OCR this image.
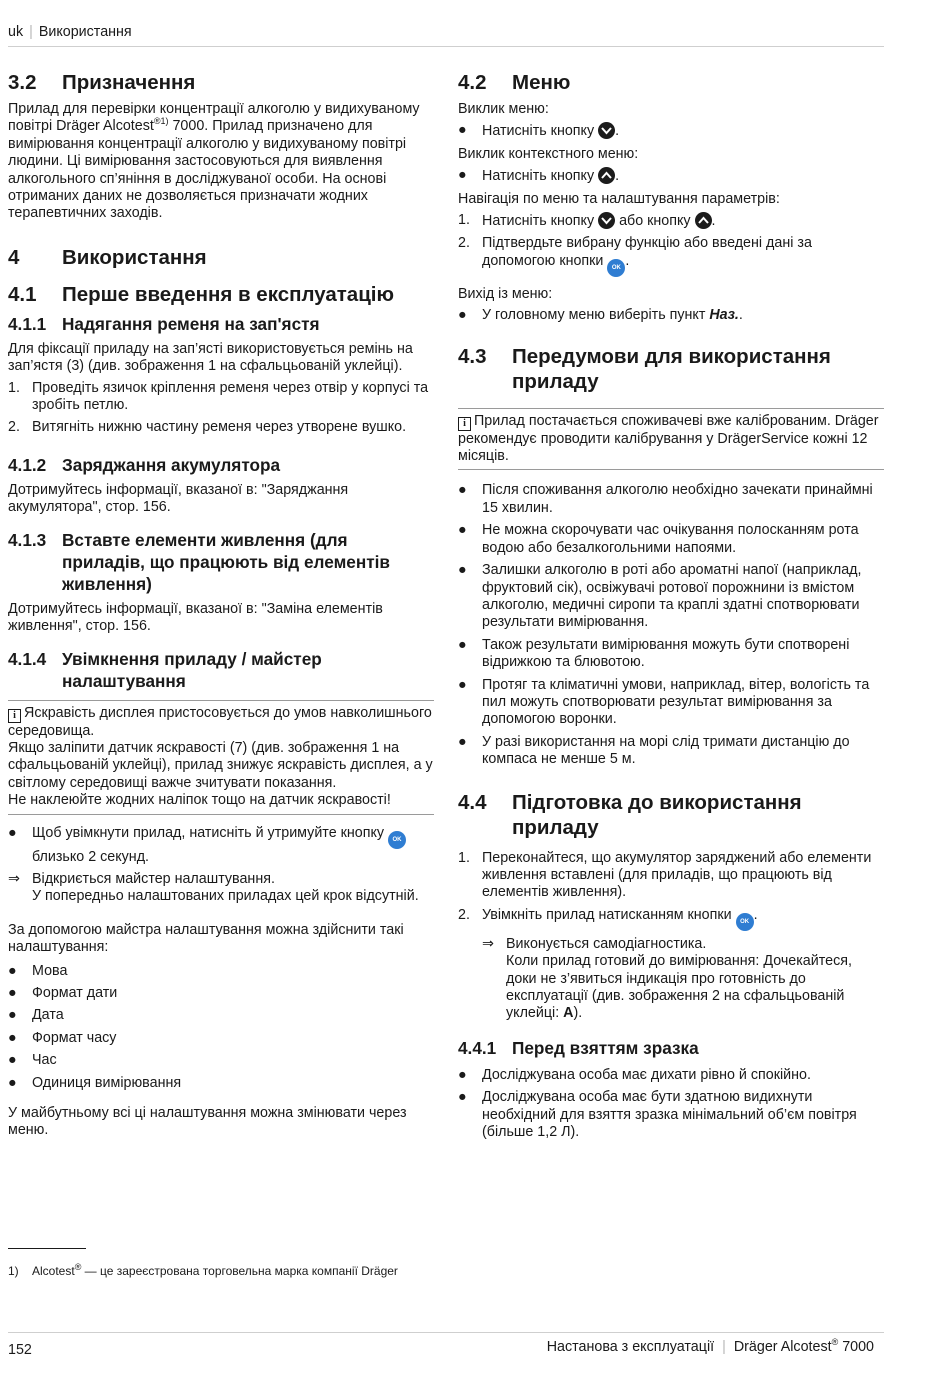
uk | Використання
3.2	Призначення

Прилад для перевірки концентрації алкоголю у видихуваному повітрі Dräger Alcotest$^{®1)}$ 7000. Прилад призначено для вимірювання концентрації алкоголю у видихуваному повітрі людини. Ці вимірювання застосовуються для виявлення алкогольного сп’яніння в досліджуваної особи. На основі отриманих даних не дозволяється призначати жодних терапевтичних заходів.

4	Використання
4.1	Перше введення в експлуатацію
4.1.1 Надягання ременя на зап'ястя

Для фіксації приладу на зап’ясті використовується ремінь на зап’ястя (3) (див. зображення 1 на сфальцьованій уклейці).

1. Проведіть язичок кріплення ременя через отвір у корпусі та зробіть петлю.
2. Витягніть нижню частину ременя через утворене вушко.
4.1.2 Заряджання акумулятора

Дотримуйтесь інформації, вказаної в: "Заряджання акумулятора", стор. 156.

4.1.3 Вставте елементи живлення (для приладів, що працюють від елементів живлення)

Дотримуйтесь інформації, вказаної в: "Заміна елементів живлення", стор. 156.

4.1.4 Увімкнення приладу / майстер налаштування

i Яскравість дисплея пристосовується до умов навколишнього середовища.

Якщо заліпити датчик яскравості (7) (див. зображення 1 на сфальцьованій уклейці), прилад знижує яскравість дисплея, а у світлому середовищі важче зчитувати показання.

Не наклеюйте жодних наліпок тощо на датчик яскравості!

● Щоб увімкнути прилад, натисніть й утримуйте кнопку OK близько 2 секунд.
⇒ Відкриється майстер налаштування.

У попередньо налаштованих приладах цей крок відсутній.

За допомогою майстра налаштування можна здійснити такі налаштування:

● Мова
● Формат дати
● Дата
● Формат часу
● Час
● Одиниця вимірювання

У майбутньому всі ці налаштування можна змінювати через меню.

4.2	Меню

Виклик меню:

● Натисніть кнопку .

Виклик контекстного меню:

● Натисніть кнопку .

Навігація по меню та налаштування параметрів:

1. Натисніть кнопку або кнопку .
2. Підтвердьте вибрану функцію або введені дані за допомогою кнопки OK .

Вихід із меню:

● У головному меню виберіть пункт Наз..
4.3	Передумови для використання приладу

i Прилад постачається споживачеві вже каліброваним. Dräger рекомендує проводити калібрування у DrägerService кожні 12 місяців.

● Після споживання алкоголю необхідно зачекати принаймні 15 хвилин.
● Не можна скорочувати час очікування полосканням рота водою або безалкогольними напоями.
● Залишки алкоголю в роті або ароматні напої (наприклад, фруктовий сік), освіжувачі ротової порожнини із вмістом алкоголю, медичні сиропи та краплі здатні спотворювати результати вимірювання.
● Також результати вимірювання можуть бути спотворені відрижкою та блювотою.
● Протяг та кліматичні умови, наприклад, вітер, вологість та пил можуть спотворювати результат вимірювання за допомогою воронки.
● У разі використання на морі слід тримати дистанцію до компаса не менше 5 м.
4.4	Підготовка до використання приладу
1. Переконайтеся, що акумулятор заряджений або елементи живлення вставлені (для приладів, що працюють від елементів живлення).
2. Увімкніть прилад натисканням кнопки OK .
⇒ Виконується самодіагностика.

Коли прилад готовий до вимірювання: Дочекайтеся, доки не з’явиться індикація про готовність до експлуатації (див. зображення 2 на сфальцьованій уклейці: A).

4.4.1 Перед взяттям зразка
● Досліджувана особа має дихати рівно й спокійно.
● Досліджувана особа має бути здатною видихнути необхідний для взяття зразка мінімальний об’єм повітря (більше 1,2 Л).
1) Alcotest® — це зареєстрована торговельна марка компанії Dräger
152	Настанова з експлуатації | Dräger Alcotest® 7000
